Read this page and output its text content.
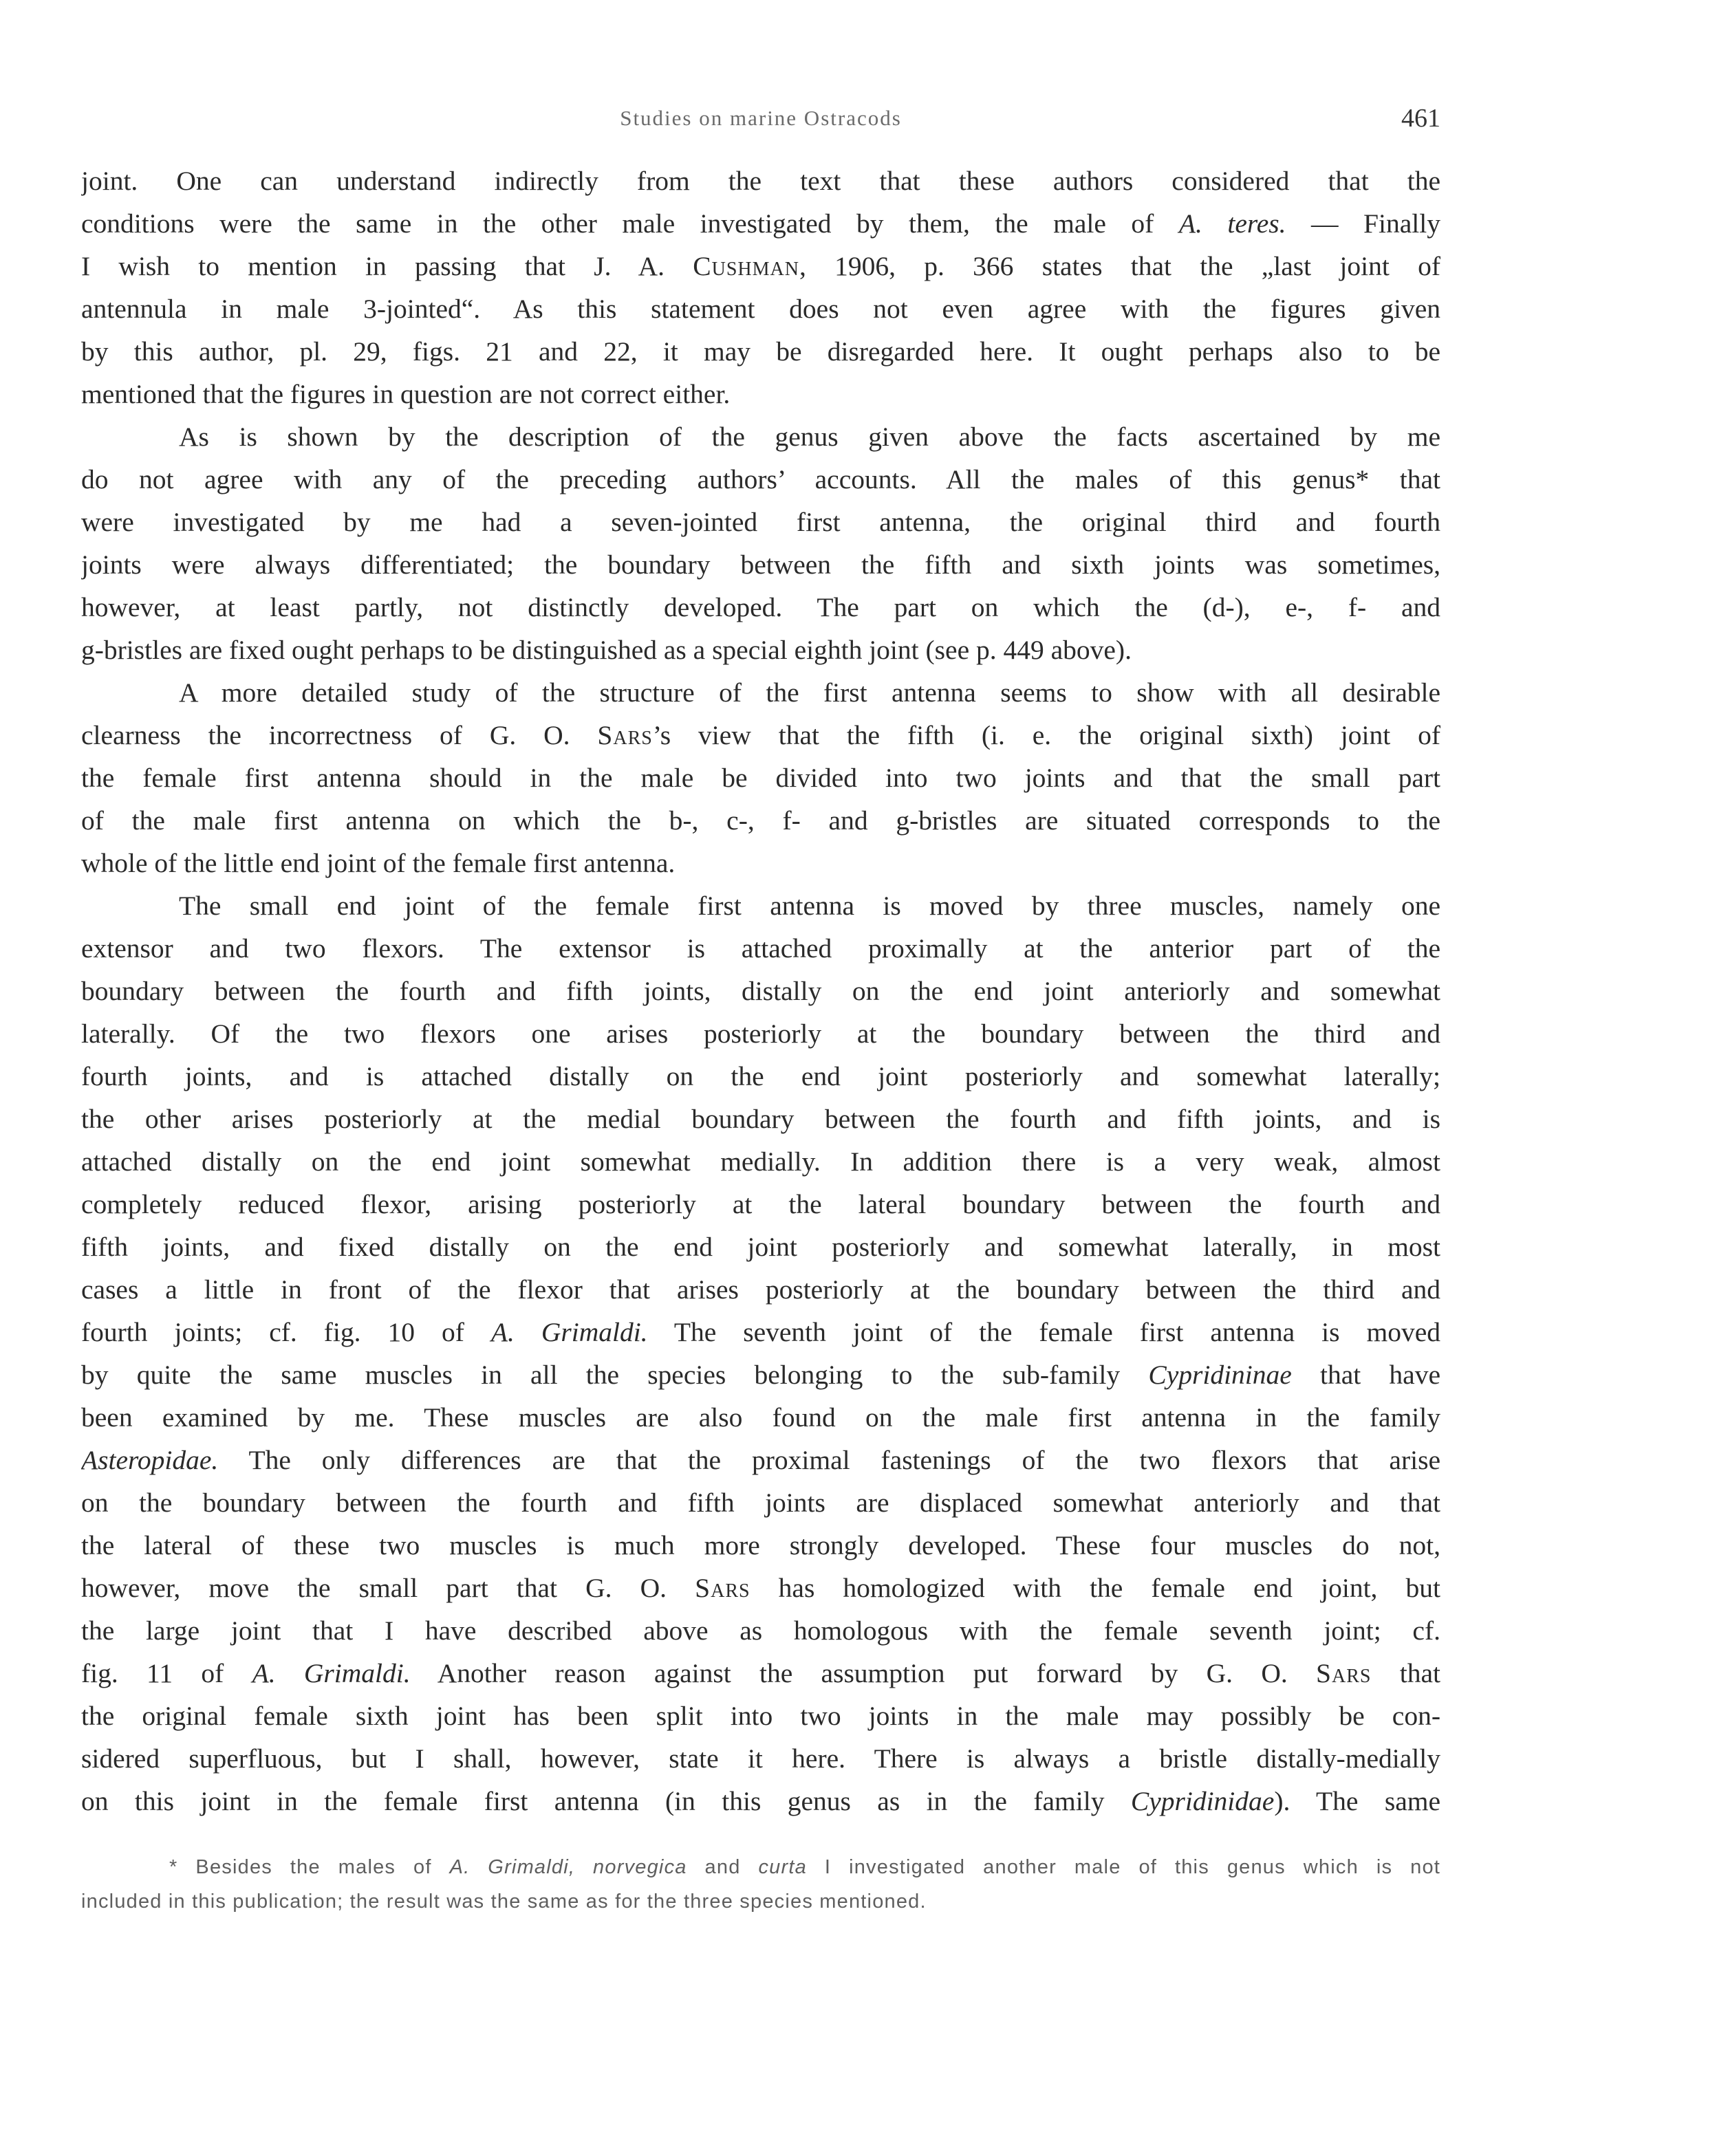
Studies on marine Ostracods	461
joint. One can understand indirectly from the text that these authors considered that the
conditions were the same in the other male investigated by them, the male of A. teres. — Finally
I wish to mention in passing that J. A. Cushman, 1906, p. 366 states that the „last joint of
antennula in male 3-jointed“. As this statement does not even agree with the figures given
by this author, pl. 29, figs. 21 and 22, it may be disregarded here. It ought perhaps also to be
mentioned that the figures in question are not correct either.
As is shown by the description of the genus given above the facts ascertained by me
do not agree with any of the preceding authors’ accounts. All the males of this genus* that
were investigated by me had a seven-jointed first antenna, the original third and fourth
joints were always differentiated; the boundary between the fifth and sixth joints was sometimes,
however, at least partly, not distinctly developed. The part on which the (d-), e-, f- and
g-bristles are fixed ought perhaps to be distinguished as a special eighth joint (see p. 449 above).
A more detailed study of the structure of the first antenna seems to show with all desirable
clearness the incorrectness of G. O. Sars’s view that the fifth (i. e. the original sixth) joint of
the female first antenna should in the male be divided into two joints and that the small part
of the male first antenna on which the b-, c-, f- and g-bristles are situated corresponds to the
whole of the little end joint of the female first antenna.
The small end joint of the female first antenna is moved by three muscles, namely one
extensor and two flexors. The extensor is attached proximally at the anterior part of the
boundary between the fourth and fifth joints, distally on the end joint anteriorly and somewhat
laterally. Of the two flexors one arises posteriorly at the boundary between the third and
fourth joints, and is attached distally on the end joint posteriorly and somewhat laterally;
the other arises posteriorly at the medial boundary between the fourth and fifth joints, and is
attached distally on the end joint somewhat medially. In addition there is a very weak, almost
completely reduced flexor, arising posteriorly at the lateral boundary between the fourth and
fifth joints, and fixed distally on the end joint posteriorly and somewhat laterally, in most
cases a little in front of the flexor that arises posteriorly at the boundary between the third and
fourth joints; cf. fig. 10 of A. Grimaldi. The seventh joint of the female first antenna is moved
by quite the same muscles in all the species belonging to the sub-family Cypridininae that have
been examined by me. These muscles are also found on the male first antenna in the family
Asteropidae. The only differences are that the proximal fastenings of the two flexors that arise
on the boundary between the fourth and fifth joints are displaced somewhat anteriorly and that
the lateral of these two muscles is much more strongly developed. These four muscles do not,
however, move the small part that G. O. Sars has homologized with the female end joint, but
the large joint that I have described above as homologous with the female seventh joint; cf.
fig. 11 of A. Grimaldi. Another reason against the assumption put forward by G. O. Sars that
the original female sixth joint has been split into two joints in the male may possibly be con-
sidered superfluous, but I shall, however, state it here. There is always a bristle distally-medially
on this joint in the female first antenna (in this genus as in the family Cypridinidae). The same
* Besides the males of A. Grimaldi, norvegica and curta I investigated another male of this genus which is not
included in this publication; the result was the same as for the three species mentioned.
